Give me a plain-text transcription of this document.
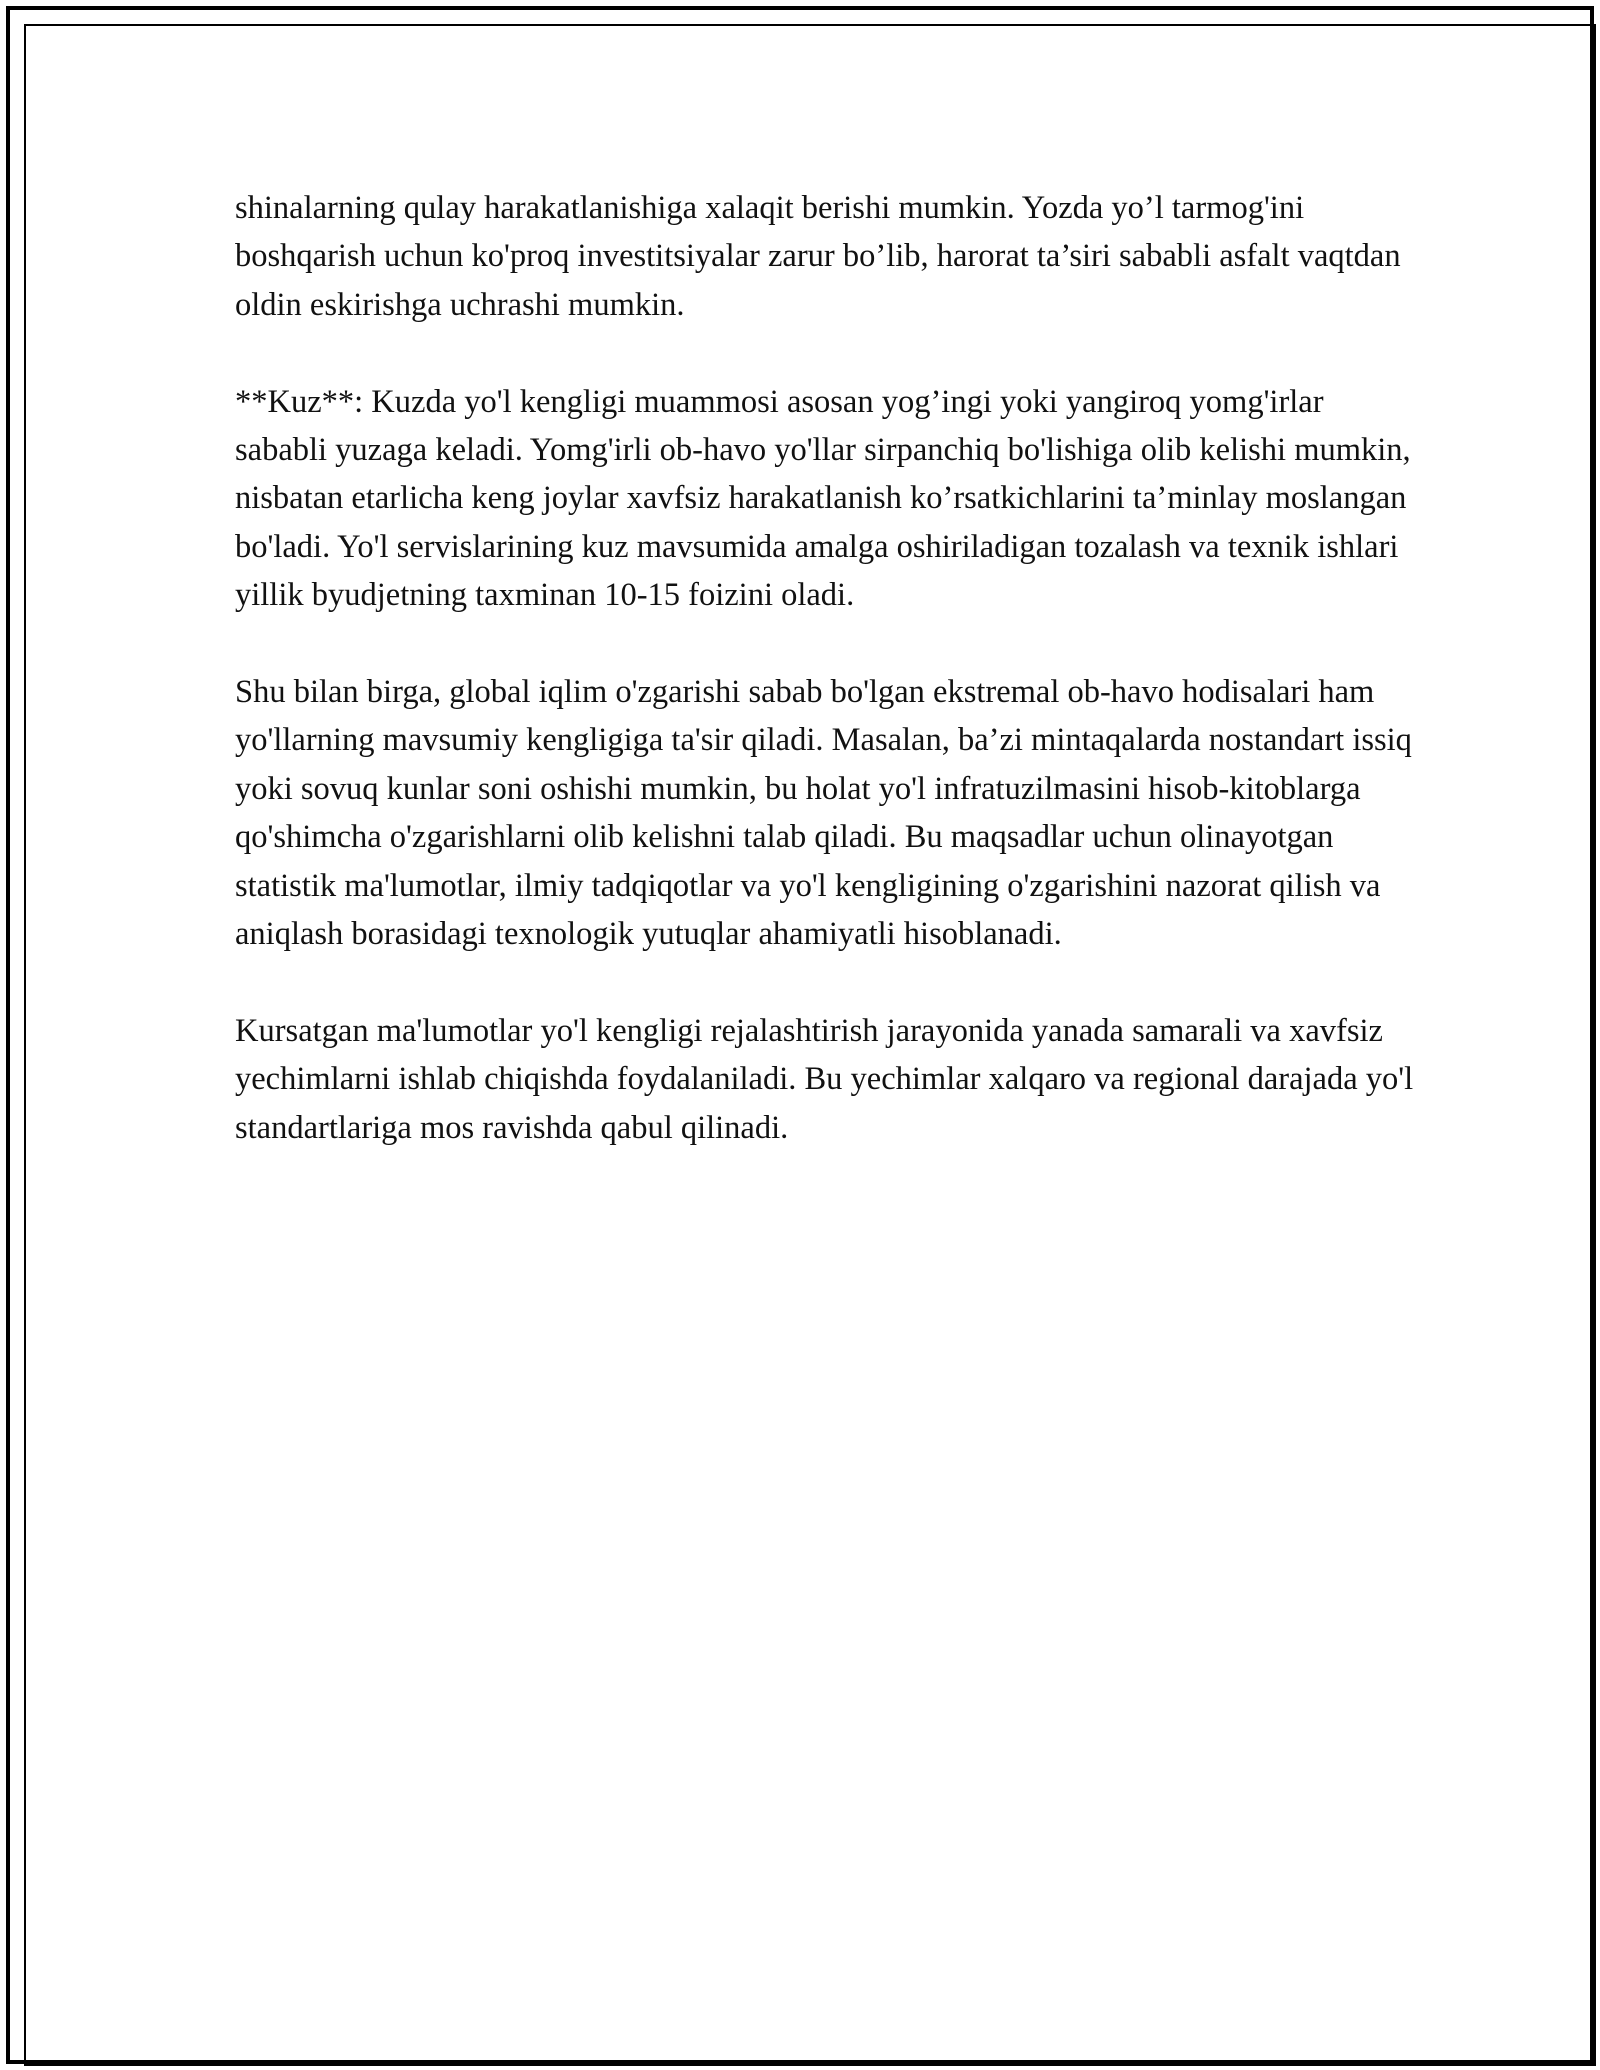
shinalarning qulay harakatlanishiga xalaqit berishi mumkin. Yozda yo’l tarmog'ini boshqarish uchun ko'proq investitsiyalar zarur bo’lib, harorat ta’siri sababli asfalt vaqtdan oldin eskirishga uchrashi mumkin.

**Kuz**: Kuzda yo'l kengligi muammosi asosan yog’ingi yoki yangiroq yomg'irlar sababli yuzaga keladi. Yomg'irli ob-havo yo'llar sirpanchiq bo'lishiga olib kelishi mumkin, nisbatan etarlicha keng joylar xavfsiz harakatlanish ko’rsatkichlarini ta’minlay moslangan bo'ladi. Yo'l servislarining kuz mavsumida amalga oshiriladigan tozalash va texnik ishlari yillik byudjetning taxminan 10-15 foizini oladi.

Shu bilan birga, global iqlim o'zgarishi sabab bo'lgan ekstremal ob-havo hodisalari ham yo'llarning mavsumiy kengligiga ta'sir qiladi. Masalan, ba’zi mintaqalarda nostandart issiq yoki sovuq kunlar soni oshishi mumkin, bu holat yo'l infratuzilmasini hisob-kitoblarga qo'shimcha o'zgarishlarni olib kelishni talab qiladi. Bu maqsadlar uchun olinayotgan statistik ma'lumotlar, ilmiy tadqiqotlar va yo'l kengligining o'zgarishini nazorat qilish va aniqlash borasidagi texnologik yutuqlar ahamiyatli hisoblanadi.

Kursatgan ma'lumotlar yo'l kengligi rejalashtirish jarayonida yanada samarali va xavfsiz yechimlarni ishlab chiqishda foydalaniladi. Bu yechimlar xalqaro va regional darajada yo'l standartlariga mos ravishda qabul qilinadi.
